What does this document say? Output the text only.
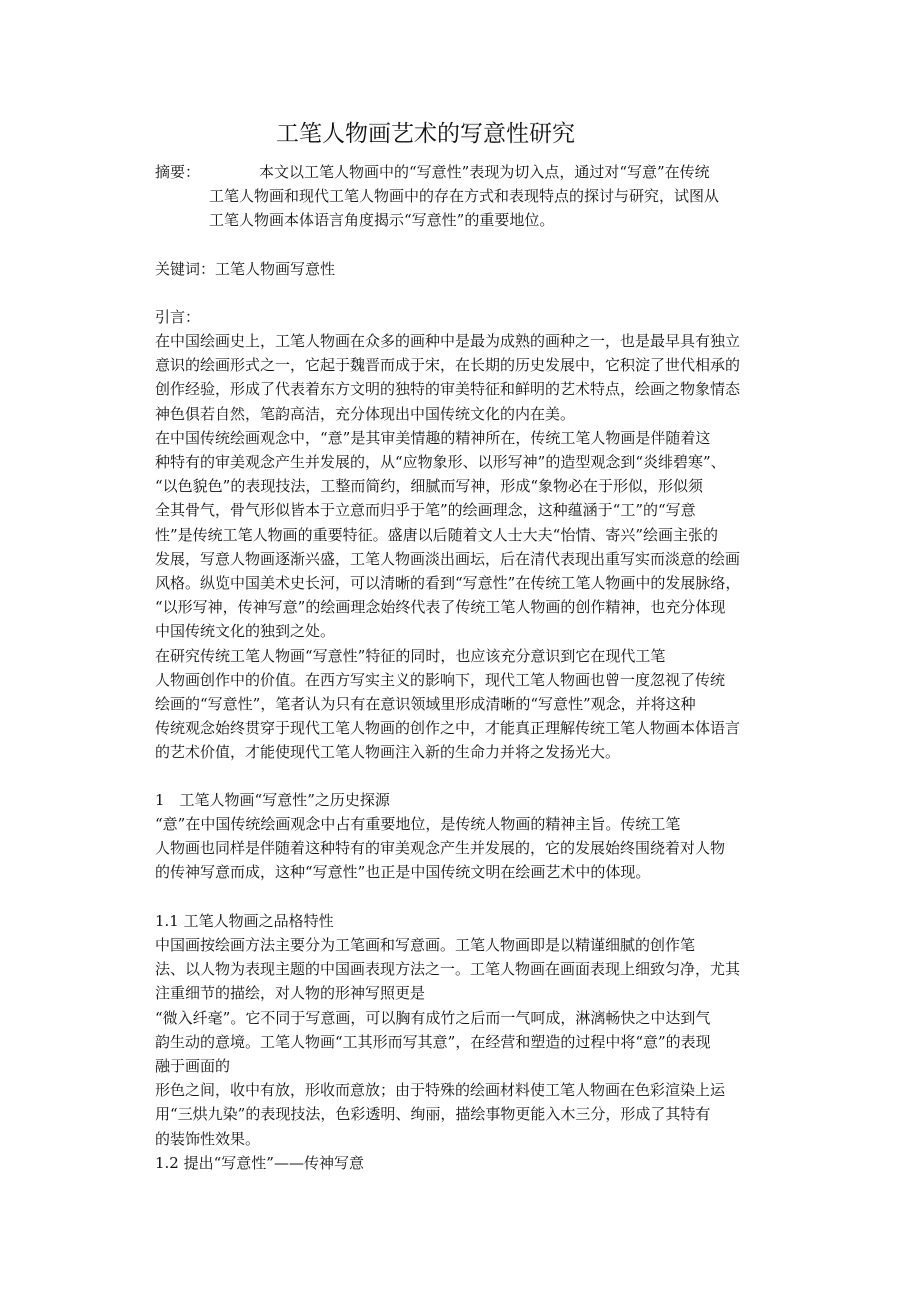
工笔人物画艺术的写意性研究
摘要：	本文以工笔人物画中的“写意性”表现为切入点，通过对“写意”在传统
工笔人物画和现代工笔人物画中的存在方式和表现特点的探讨与研究，试图从
工笔人物画本体语言角度揭示“写意性”的重要地位。
关键词：工笔人物画写意性
引言：
在中国绘画史上，工笔人物画在众多的画种中是最为成熟的画种之一，也是最早具有独立
意识的绘画形式之一，它起于魏晋而成于宋，在长期的历史发展中，它积淀了世代相承的
创作经验，形成了代表着东方文明的独特的审美特征和鲜明的艺术特点，绘画之物象情态
神色俱若自然，笔韵高洁，充分体现出中国传统文化的内在美。
在中国传统绘画观念中，“意”是其审美情趣的精神所在，传统工笔人物画是伴随着这
种特有的审美观念产生并发展的，从“应物象形、以形写神”的造型观念到“炎绯碧寒”、
“以色貌色”的表现技法，工整而简约，细腻而写神，形成“象物必在于形似，形似须
全其骨气，骨气形似皆本于立意而归乎于笔”的绘画理念，这种蕴涵于“工”的“写意
性”是传统工笔人物画的重要特征。盛唐以后随着文人士大夫“怡情、寄兴”绘画主张的
发展，写意人物画逐渐兴盛，工笔人物画淡出画坛，后在清代表现出重写实而淡意的绘画
风格。纵览中国美术史长河，可以清晰的看到“写意性”在传统工笔人物画中的发展脉络，
“以形写神，传神写意”的绘画理念始终代表了传统工笔人物画的创作精神，也充分体现
中国传统文化的独到之处。
在研究传统工笔人物画“写意性”特征的同时，也应该充分意识到它在现代工笔
人物画创作中的价值。在西方写实主义的影响下，现代工笔人物画也曾一度忽视了传统
绘画的“写意性”，笔者认为只有在意识领域里形成清晰的“写意性”观念，并将这种
传统观念始终贯穿于现代工笔人物画的创作之中，才能真正理解传统工笔人物画本体语言
的艺术价值，才能使现代工笔人物画注入新的生命力并将之发扬光大。
1　工笔人物画“写意性”之历史探源
“意”在中国传统绘画观念中占有重要地位，是传统人物画的精神主旨。传统工笔
人物画也同样是伴随着这种特有的审美观念产生并发展的，它的发展始终围绕着对人物
的传神写意而成，这种“写意性”也正是中国传统文明在绘画艺术中的体现。
1.1 工笔人物画之品格特性
中国画按绘画方法主要分为工笔画和写意画。工笔人物画即是以精谨细腻的创作笔
法、以人物为表现主题的中国画表现方法之一。工笔人物画在画面表现上细致匀净，尤其
注重细节的描绘，对人物的形神写照更是
“微入纤毫”。它不同于写意画，可以胸有成竹之后而一气呵成，淋漓畅快之中达到气
韵生动的意境。工笔人物画“工其形而写其意”，在经营和塑造的过程中将“意”的表现
融于画面的
形色之间，收中有放，形收而意放；由于特殊的绘画材料使工笔人物画在色彩渲染上运
用“三烘九染”的表现技法，色彩透明、绚丽，描绘事物更能入木三分，形成了其特有
的装饰性效果。
1.2 提出“写意性”——传神写意
